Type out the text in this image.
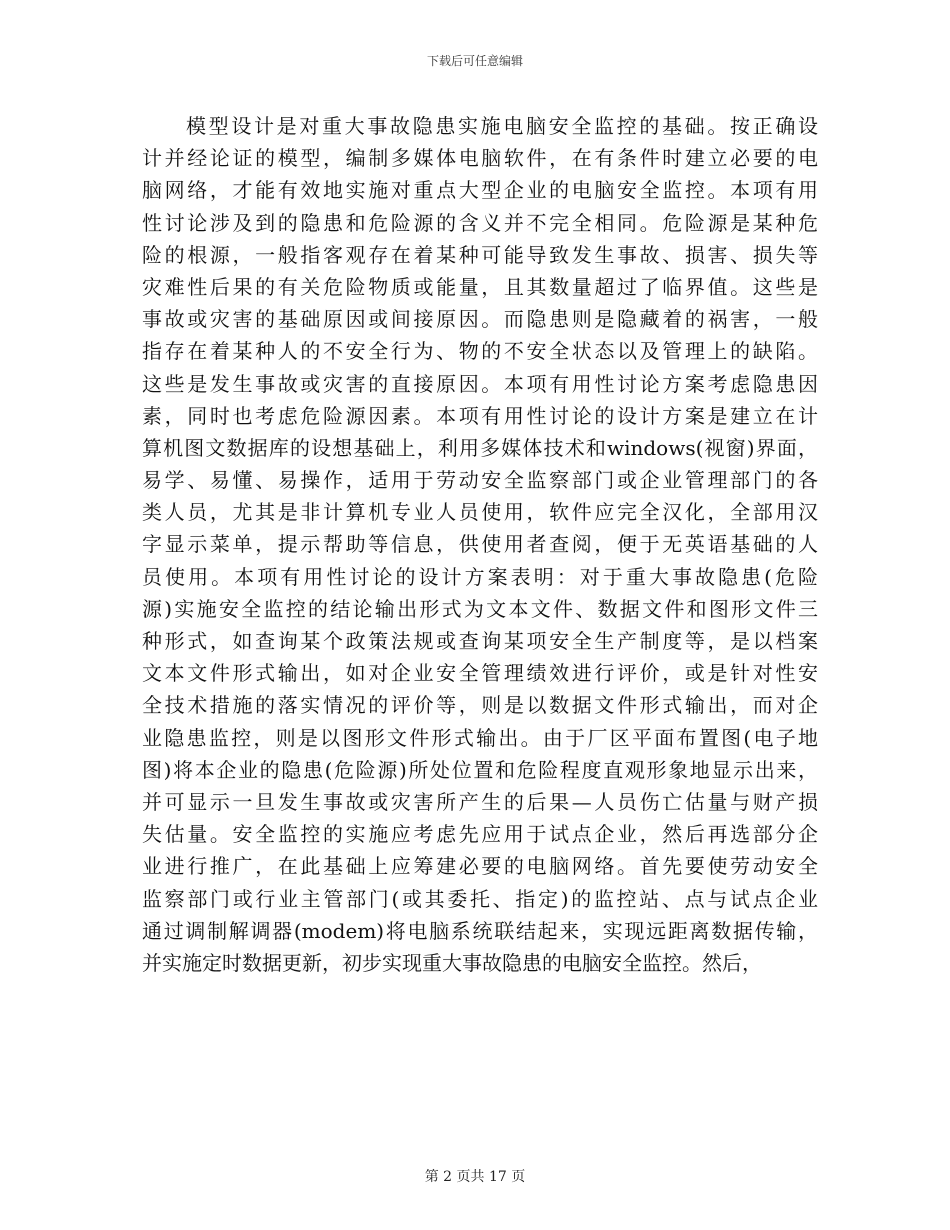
下载后可任意编辑
模型设计是对重大事故隐患实施电脑安全监控的基础。按正确设
计并经论证的模型，编制多媒体电脑软件，在有条件时建立必要的电
脑网络，才能有效地实施对重点大型企业的电脑安全监控。本项有用
性讨论涉及到的隐患和危险源的含义并不完全相同。危险源是某种危
险的根源，一般指客观存在着某种可能导致发生事故、损害、损失等
灾难性后果的有关危险物质或能量，且其数量超过了临界值。这些是
事故或灾害的基础原因或间接原因。而隐患则是隐藏着的祸害，一般
指存在着某种人的不安全行为、物的不安全状态以及管理上的缺陷。
这些是发生事故或灾害的直接原因。本项有用性讨论方案考虑隐患因
素，同时也考虑危险源因素。本项有用性讨论的设计方案是建立在计
算机图文数据库的设想基础上，利用多媒体技术和windows(视窗)界面，
易学、易懂、易操作，适用于劳动安全监察部门或企业管理部门的各
类人员，尤其是非计算机专业人员使用，软件应完全汉化，全部用汉
字显示菜单，提示帮助等信息，供使用者查阅，便于无英语基础的人
员使用。本项有用性讨论的设计方案表明：对于重大事故隐患(危险
源)实施安全监控的结论输出形式为文本文件、数据文件和图形文件三
种形式，如查询某个政策法规或查询某项安全生产制度等，是以档案
文本文件形式输出，如对企业安全管理绩效进行评价，或是针对性安
全技术措施的落实情况的评价等，则是以数据文件形式输出，而对企
业隐患监控，则是以图形文件形式输出。由于厂区平面布置图(电子地
图)将本企业的隐患(危险源)所处位置和危险程度直观形象地显示出来，
并可显示一旦发生事故或灾害所产生的后果—人员伤亡估量与财产损
失估量。安全监控的实施应考虑先应用于试点企业，然后再选部分企
业进行推广，在此基础上应筹建必要的电脑网络。首先要使劳动安全
监察部门或行业主管部门(或其委托、指定)的监控站、点与试点企业
通过调制解调器(modem)将电脑系统联结起来，实现远距离数据传输，
并实施定时数据更新，初步实现重大事故隐患的电脑安全监控。然后，
第 2 页共 17 页
